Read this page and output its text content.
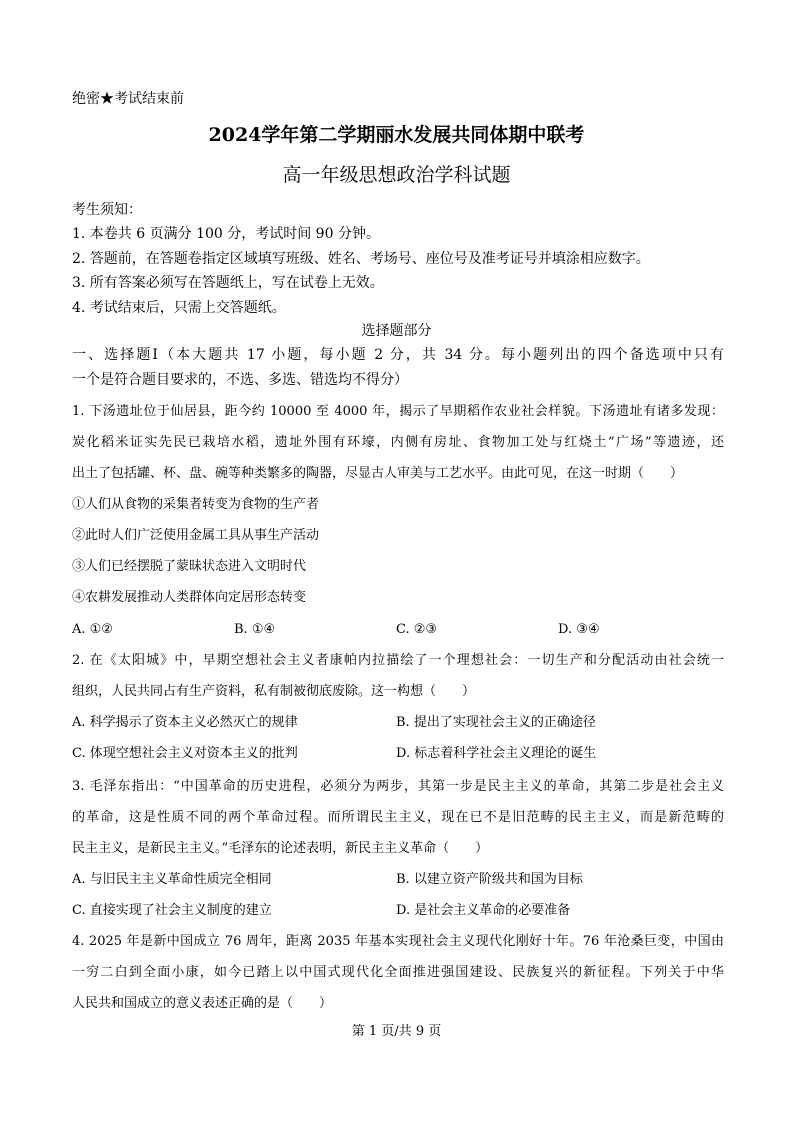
绝密★考试结束前
2024学年第二学期丽水发展共同体期中联考
高一年级思想政治学科试题
考生须知：
1. 本卷共 6 页满分 100 分，考试时间 90 分钟。
2. 答题前，在答题卷指定区域填写班级、姓名、考场号、座位号及准考证号并填涂相应数字。
3. 所有答案必须写在答题纸上，写在试卷上无效。
4. 考试结束后，只需上交答题纸。
选择题部分
一、选择题Ⅰ（本大题共 17 小题，每小题 2 分，共 34 分。每小题列出的四个备选项中只有
一个是符合题目要求的，不选、多选、错选均不得分）
1. 下汤遗址位于仙居县，距今约 10000 至 4000 年，揭示了早期稻作农业社会样貌。下汤遗址有诸多发现：
炭化稻米证实先民已栽培水稻，遗址外围有环壕，内侧有房址、食物加工处与红烧土“广场”等遗迹，还
出土了包括罐、杯、盘、碗等种类繁多的陶器，尽显古人审美与工艺水平。由此可见，在这一时期（　　）
①人们从食物的采集者转变为食物的生产者
②此时人们广泛使用金属工具从事生产活动
③人们已经摆脱了蒙昧状态进入文明时代
④农耕发展推动人类群体向定居形态转变
A. ①②	B. ①④	C. ②③	D. ③④
2. 在《太阳城》中，早期空想社会主义者康帕内拉描绘了一个理想社会：一切生产和分配活动由社会统一
组织，人民共同占有生产资料，私有制被彻底废除。这一构想（　　）
A. 科学揭示了资本主义必然灭亡的规律	B. 提出了实现社会主义的正确途径
C. 体现空想社会主义对资本主义的批判	D. 标志着科学社会主义理论的诞生
3. 毛泽东指出：“中国革命的历史进程，必须分为两步，其第一步是民主主义的革命，其第二步是社会主义
的革命，这是性质不同的两个革命过程。而所谓民主主义，现在已不是旧范畴的民主主义，而是新范畴的
民主主义，是新民主主义。”毛泽东的论述表明，新民主主义革命（　　）
A. 与旧民主主义革命性质完全相同	B. 以建立资产阶级共和国为目标
C. 直接实现了社会主义制度的建立	D. 是社会主义革命的必要准备
4. 2025 年是新中国成立 76 周年，距离 2035 年基本实现社会主义现代化刚好十年。76 年沧桑巨变，中国由
一穷二白到全面小康，如今已踏上以中国式现代化全面推进强国建设、民族复兴的新征程。下列关于中华
人民共和国成立的意义表述正确的是（　　）
第 1 页/共 9 页
